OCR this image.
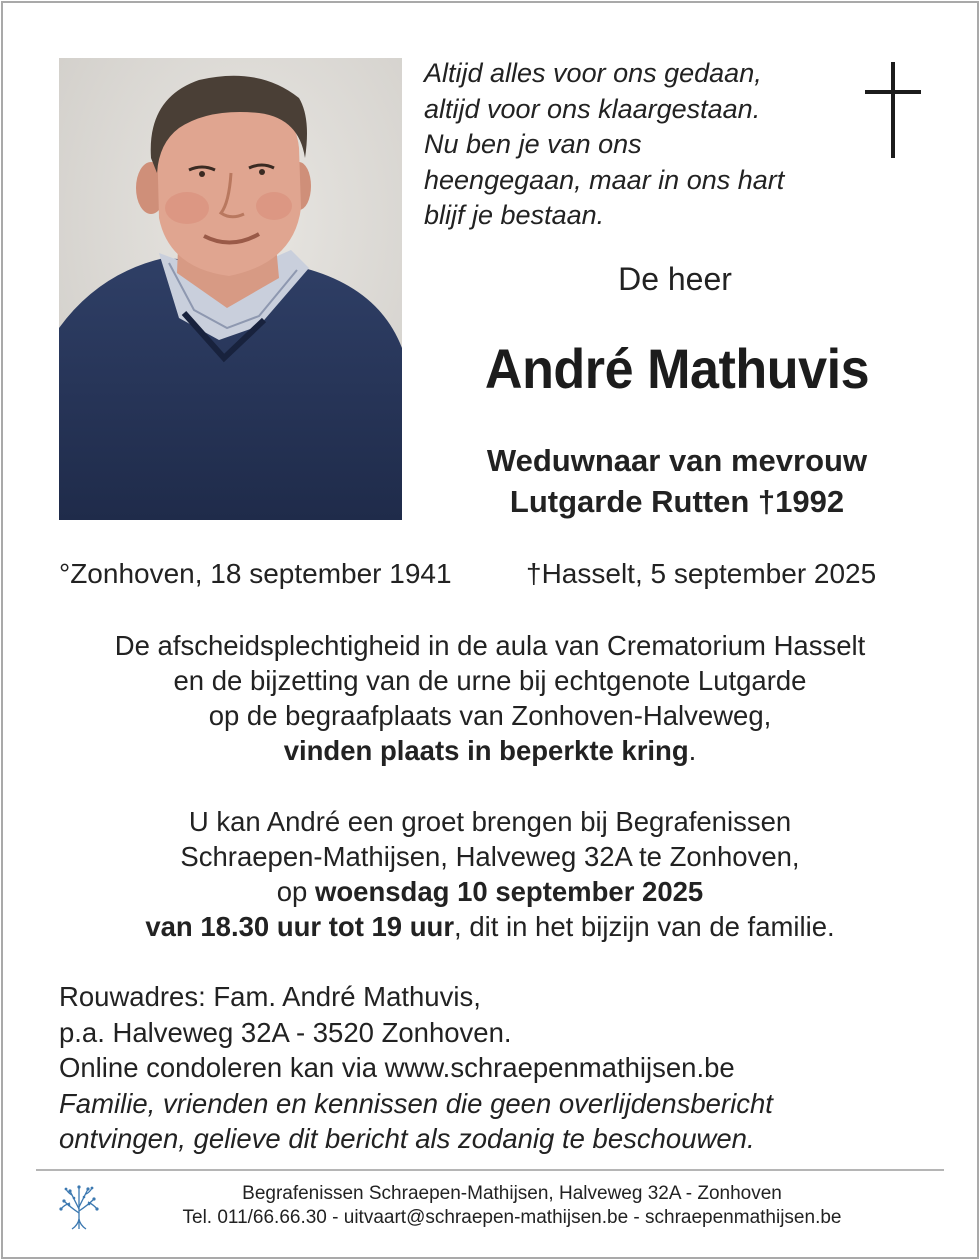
Altijd alles voor ons gedaan,
altijd voor ons klaargestaan.
Nu ben je van ons
heengegaan, maar in ons hart
blijf je bestaan.
De heer
André Mathuvis
Weduwnaar van mevrouw
Lutgarde Rutten †1992
°Zonhoven, 18 september 1941	†Hasselt, 5 september 2025
De afscheidsplechtigheid in de aula van Crematorium Hasselt
en de bijzetting van de urne bij echtgenote Lutgarde
op de begraafplaats van Zonhoven-Halveweg,
vinden plaats in beperkte kring.
U kan André een groet brengen bij Begrafenissen
Schraepen-Mathijsen, Halveweg 32A te Zonhoven,
op woensdag 10 september 2025
van 18.30 uur tot 19 uur, dit in het bijzijn van de familie.
Rouwadres: Fam. André Mathuvis,
p.a. Halveweg 32A - 3520 Zonhoven.
Online condoleren kan via www.schraepenmathijsen.be
Familie, vrienden en kennissen die geen overlijdensbericht
ontvingen, gelieve dit bericht als zodanig te beschouwen.
Begrafenissen Schraepen-Mathijsen, Halveweg 32A - Zonhoven
Tel. 011/66.66.30 - uitvaart@schraepen-mathijsen.be - schraepenmathijsen.be
